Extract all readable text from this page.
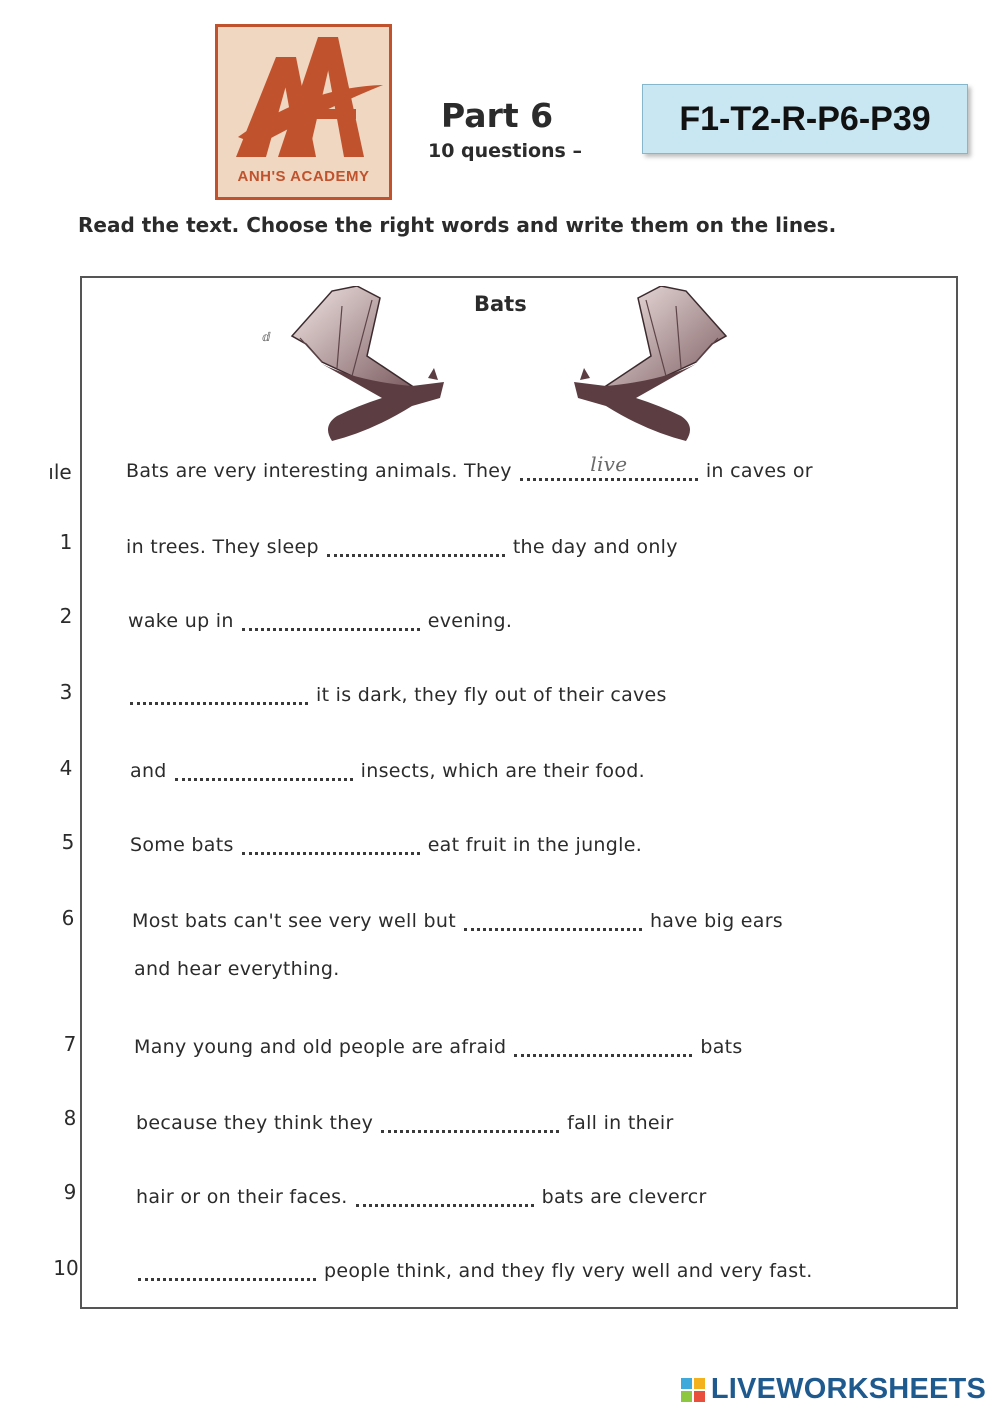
ANH'S ACADEMY
Part 6
10 questions –
F1-T2-R-P6-P39
Read the text. Choose the right words and write them on the lines.
Bats
ⅆ
ıle	Bats are very interesting animals. They	live	in caves or
1	in trees. They sleep	the day and only
2	wake up in	evening.
3	it is dark, they fly out of their caves
4	and	insects, which are their food.
5	Some bats	eat fruit in the jungle.
6	Most bats can't see very well but	have big ears
and hear everything.
7	Many young and old people are afraid	bats
8	because they think they	fall in their
9	hair or on their faces.	bats are clevercr
10	people think, and they fly very well and very fast.
LIVEWORKSHEETS
